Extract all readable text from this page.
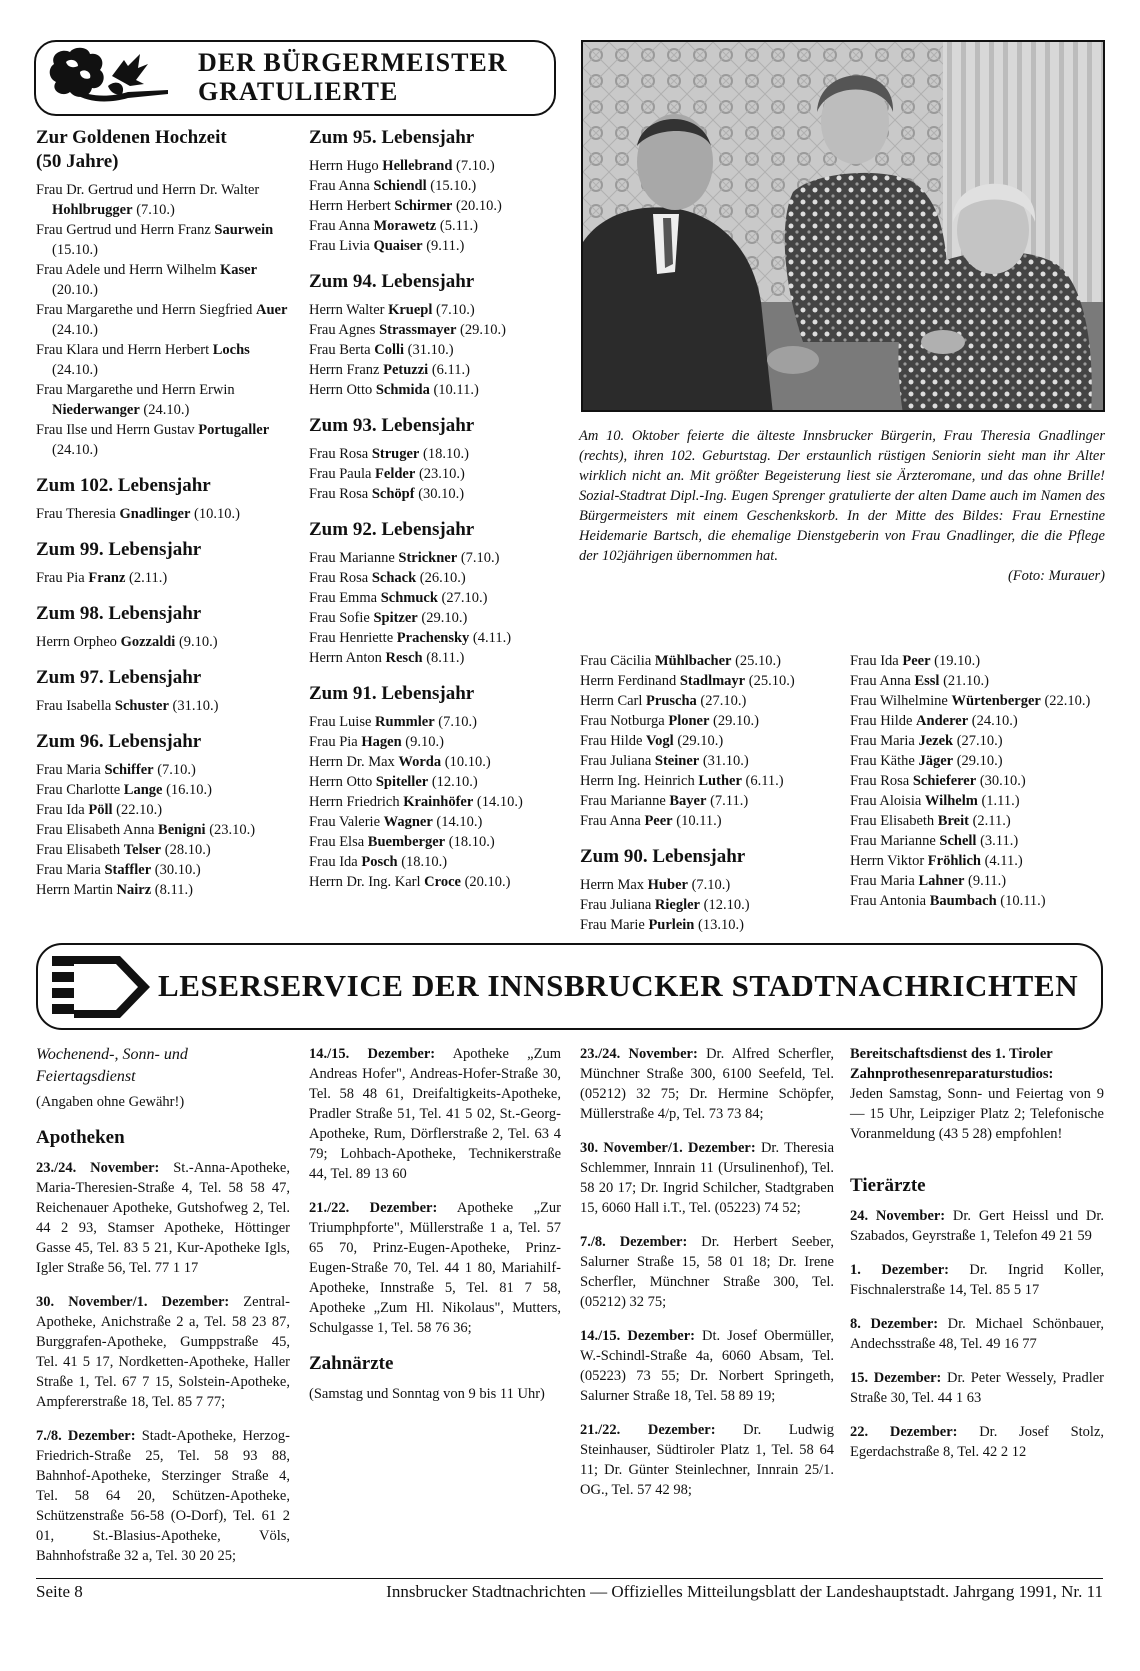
DER BÜRGERMEISTER
GRATULIERTE
Zur Goldenen Hochzeit
(50 Jahre)

Frau Dr. Gertrud und Herrn Dr. Walter Hohlbrugger (7.10.)

Frau Gertrud und Herrn Franz Saurwein (15.10.)

Frau Adele und Herrn Wilhelm Kaser (20.10.)

Frau Margarethe und Herrn Siegfried Auer (24.10.)

Frau Klara und Herrn Herbert Lochs (24.10.)

Frau Margarethe und Herrn Erwin Niederwanger (24.10.)

Frau Ilse und Herrn Gustav Portugaller (24.10.)

Zum 102. Lebensjahr

Frau Theresia Gnadlinger (10.10.)

Zum 99. Lebensjahr

Frau Pia Franz (2.11.)

Zum 98. Lebensjahr

Herrn Orpheo Gozzaldi (9.10.)

Zum 97. Lebensjahr

Frau Isabella Schuster (31.10.)

Zum 96. Lebensjahr

Frau Maria Schiffer (7.10.)

Frau Charlotte Lange (16.10.)

Frau Ida Pöll (22.10.)

Frau Elisabeth Anna Benigni (23.10.)

Frau Elisabeth Telser (28.10.)

Frau Maria Staffler (30.10.)

Herrn Martin Nairz (8.11.)

Zum 95. Lebensjahr

Herrn Hugo Hellebrand (7.10.)

Frau Anna Schiendl (15.10.)

Herrn Herbert Schirmer (20.10.)

Frau Anna Morawetz (5.11.)

Frau Livia Quaiser (9.11.)

Zum 94. Lebensjahr

Herrn Walter Kruepl (7.10.)

Frau Agnes Strassmayer (29.10.)

Frau Berta Colli (31.10.)

Herrn Franz Petuzzi (6.11.)

Herrn Otto Schmida (10.11.)

Zum 93. Lebensjahr

Frau Rosa Struger (18.10.)

Frau Paula Felder (23.10.)

Frau Rosa Schöpf (30.10.)

Zum 92. Lebensjahr

Frau Marianne Strickner (7.10.)

Frau Rosa Schack (26.10.)

Frau Emma Schmuck (27.10.)

Frau Sofie Spitzer (29.10.)

Frau Henriette Prachensky (4.11.)

Herrn Anton Resch (8.11.)

Zum 91. Lebensjahr

Frau Luise Rummler (7.10.)

Frau Pia Hagen (9.10.)

Herrn Dr. Max Worda (10.10.)

Herrn Otto Spiteller (12.10.)

Herrn Friedrich Krainhöfer (14.10.)

Frau Valerie Wagner (14.10.)

Frau Elsa Buemberger (18.10.)

Frau Ida Posch (18.10.)

Herrn Dr. Ing. Karl Croce (20.10.)

Am 10. Oktober feierte die älteste Innsbrucker Bürgerin, Frau Theresia Gnadlinger (rechts), ihren 102. Geburtstag. Der erstaunlich rüstigen Seniorin sieht man ihr Alter wirklich nicht an. Mit größter Begeisterung liest sie Ärzteromane, und das ohne Brille! Sozial-Stadtrat Dipl.-Ing. Eugen Sprenger gratulierte der alten Dame auch im Namen des Bürgermeisters mit einem Geschenkskorb. In der Mitte des Bildes: Frau Ernestine Heidemarie Bartsch, die ehemalige Dienstgeberin von Frau Gnadlinger, die die Pflege der 102jährigen übernommen hat.

(Foto: Murauer)

Frau Cäcilia Mühlbacher (25.10.)

Herrn Ferdinand Stadlmayr (25.10.)

Herrn Carl Pruscha (27.10.)

Frau Notburga Ploner (29.10.)

Frau Hilde Vogl (29.10.)

Frau Juliana Steiner (31.10.)

Herrn Ing. Heinrich Luther (6.11.)

Frau Marianne Bayer (7.11.)

Frau Anna Peer (10.11.)

Zum 90. Lebensjahr

Herrn Max Huber (7.10.)

Frau Juliana Riegler (12.10.)

Frau Marie Purlein (13.10.)

Frau Ida Peer (19.10.)

Frau Anna Essl (21.10.)

Frau Wilhelmine Würtenberger (22.10.)

Frau Hilde Anderer (24.10.)

Frau Maria Jezek (27.10.)

Frau Käthe Jäger (29.10.)

Frau Rosa Schieferer (30.10.)

Frau Aloisia Wilhelm (1.11.)

Frau Elisabeth Breit (2.11.)

Frau Marianne Schell (3.11.)

Herrn Viktor Fröhlich (4.11.)

Frau Maria Lahner (9.11.)

Frau Antonia Baumbach (10.11.)

LESERSERVICE DER INNSBRUCKER STADTNACHRICHTEN

Wochenend-, Sonn- und Feiertagsdienst

(Angaben ohne Gewähr!)

Apotheken

23./24. November: St.-Anna-Apotheke, Maria-Theresien-Straße 4, Tel. 58 58 47, Reichenauer Apotheke, Gutshofweg 2, Tel. 44 2 93, Stamser Apotheke, Höttinger Gasse 45, Tel. 83 5 21, Kur-Apotheke Igls, Igler Straße 56, Tel. 77 1 17

30. November/1. Dezember: Zentral-Apotheke, Anichstraße 2 a, Tel. 58 23 87, Burggrafen-Apotheke, Gumppstraße 45, Tel. 41 5 17, Nordketten-Apotheke, Haller Straße 1, Tel. 67 7 15, Solstein-Apotheke, Ampfererstraße 18, Tel. 85 7 77;

7./8. Dezember: Stadt-Apotheke, Herzog-Friedrich-Straße 25, Tel. 58 93 88, Bahnhof-Apotheke, Sterzinger Straße 4, Tel. 58 64 20, Schützen-Apotheke, Schützenstraße 56-58 (O-Dorf), Tel. 61 2 01, St.-Blasius-Apotheke, Völs, Bahnhofstraße 32 a, Tel. 30 20 25;

14./15. Dezember: Apotheke „Zum Andreas Hofer", Andreas-Hofer-Straße 30, Tel. 58 48 61, Dreifaltigkeits-Apotheke, Pradler Straße 51, Tel. 41 5 02, St.-Georg-Apotheke, Rum, Dörflerstraße 2, Tel. 63 4 79; Lohbach-Apotheke, Technikerstraße 44, Tel. 89 13 60

21./22. Dezember: Apotheke „Zur Triumphpforte", Müllerstraße 1 a, Tel. 57 65 70, Prinz-Eugen-Apotheke, Prinz-Eugen-Straße 70, Tel. 44 1 80, Mariahilf-Apotheke, Innstraße 5, Tel. 81 7 58, Apotheke „Zum Hl. Nikolaus", Mutters, Schulgasse 1, Tel. 58 76 36;

Zahnärzte

(Samstag und Sonntag von 9 bis 11 Uhr)

23./24. November: Dr. Alfred Scherfler, Münchner Straße 300, 6100 Seefeld, Tel. (05212) 32 75; Dr. Hermine Schöpfer, Müllerstraße 4/p, Tel. 73 73 84;

30. November/1. Dezember: Dr. Theresia Schlemmer, Innrain 11 (Ursulinenhof), Tel. 58 20 17; Dr. Ingrid Schilcher, Stadtgraben 15, 6060 Hall i.T., Tel. (05223) 74 52;

7./8. Dezember: Dr. Herbert Seeber, Salurner Straße 15, 58 01 18; Dr. Irene Scherfler, Münchner Straße 300, Tel. (05212) 32 75;

14./15. Dezember: Dt. Josef Obermüller, W.-Schindl-Straße 4a, 6060 Absam, Tel. (05223) 73 55; Dr. Norbert Springeth, Salurner Straße 18, Tel. 58 89 19;

21./22. Dezember: Dr. Ludwig Steinhauser, Südtiroler Platz 1, Tel. 58 64 11; Dr. Günter Steinlechner, Innrain 25/1. OG., Tel. 57 42 98;

Bereitschaftsdienst des 1. Tiroler Zahnprothesenreparaturstudios:

Jeden Samstag, Sonn- und Feiertag von 9 — 15 Uhr, Leipziger Platz 2; Telefonische Voranmeldung (43 5 28) empfohlen!

Tierärzte

24. November: Dr. Gert Heissl und Dr. Szabados, Geyrstraße 1, Telefon 49 21 59

1. Dezember: Dr. Ingrid Koller, Fischnalerstraße 14, Tel. 85 5 17

8. Dezember: Dr. Michael Schönbauer, Andechsstraße 48, Tel. 49 16 77

15. Dezember: Dr. Peter Wessely, Pradler Straße 30, Tel. 44 1 63

22. Dezember: Dr. Josef Stolz, Egerdachstraße 8, Tel. 42 2 12

Seite 8	Innsbrucker Stadtnachrichten — Offizielles Mitteilungsblatt der Landeshauptstadt. Jahrgang 1991, Nr. 11
